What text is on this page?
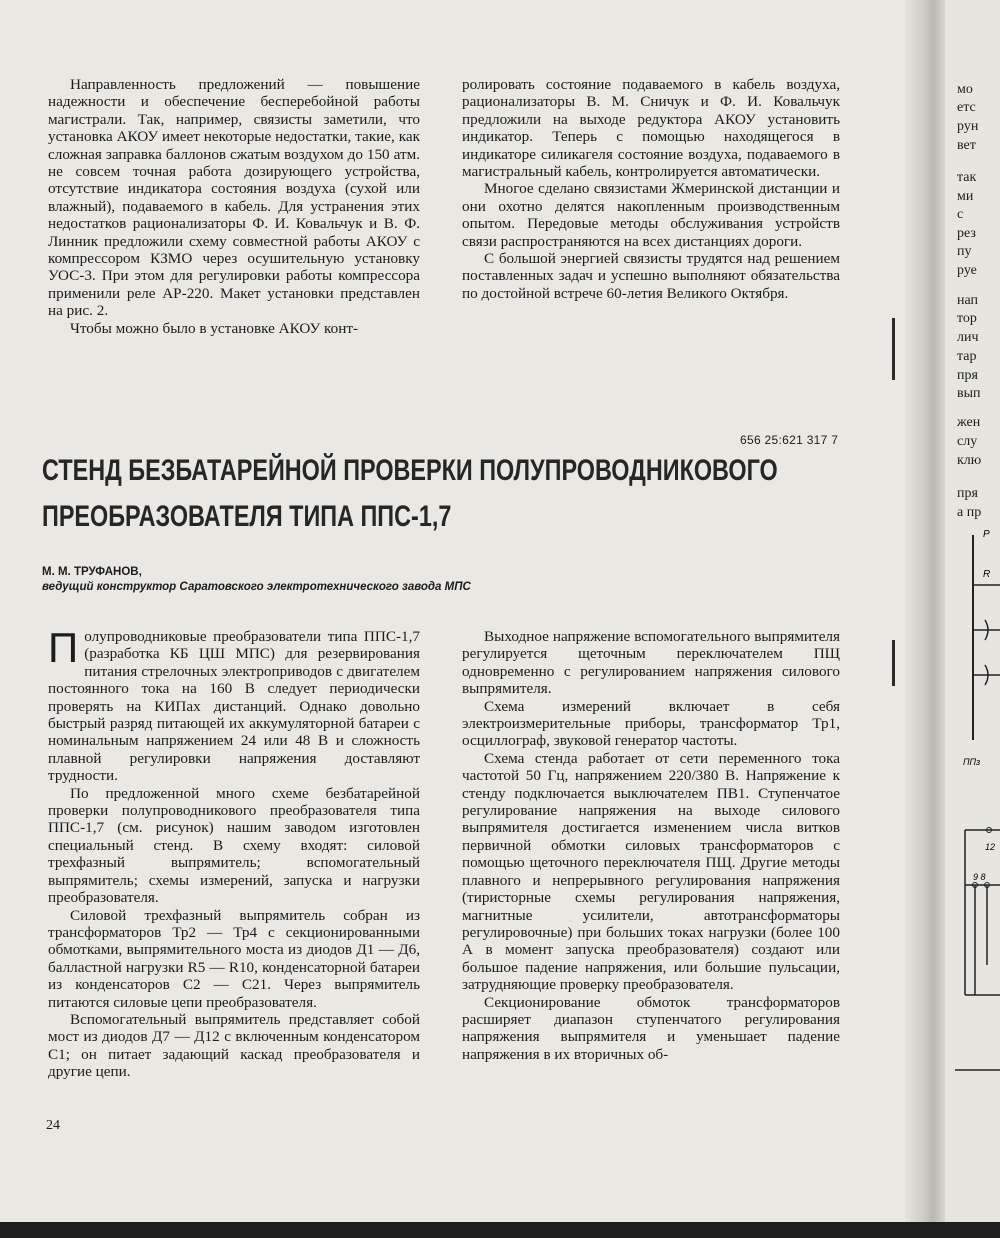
Направленность предложений — повышение надежности и обеспечение бесперебойной работы магистрали. Так, например, связисты заметили, что установка АКОУ имеет некоторые недостатки, такие, как сложная заправка баллонов сжатым воздухом до 150 атм. не совсем точная работа дозирующего устройства, отсутствие индикатора состояния воздуха (сухой или влажный), подаваемого в кабель. Для устранения этих недостатков рационализаторы Ф. И. Ковальчук и В. Ф. Линник предложили схему совместной работы АКОУ с компрессором КЗМО через осушительную установку УОС-3. При этом для регулировки работы компрессора применили реле АР-220. Макет установки представлен на рис. 2.

Чтобы можно было в установке АКОУ конт-

ролировать состояние подаваемого в кабель воздуха, рационализаторы В. М. Сничук и Ф. И. Ковальчук предложили на выходе редуктора АКОУ установить индикатор. Теперь с помощью находящегося в индикаторе силикагеля состояние воздуха, подаваемого в магистральный кабель, контролируется автоматически.

Многое сделано связистами Жмеринской дистанции и они охотно делятся накопленным производственным опытом. Передовые методы обслуживания устройств связи распространяются на всех дистанциях дороги.

С большой энергией связисты трудятся над решением поставленных задач и успешно выполняют обязательства по достойной встрече 60-летия Великого Октября.

656 25:621 317 7
СТЕНД БЕЗБАТАРЕЙНОЙ ПРОВЕРКИ ПОЛУПРОВОДНИКОВОГО
ПРЕОБРАЗОВАТЕЛЯ ТИПА ППС-1,7
М. М. ТРУФАНОВ,
ведущий конструктор Саратовского электротехнического завода МПС

Полупроводниковые преобразователи типа ППС-1,7 (разработка КБ ЦШ МПС) для резервирования питания стрелочных электроприводов с двигателем постоянного тока на 160 В следует периодически проверять на КИПах дистанций. Однако довольно быстрый разряд питающей их аккумуляторной батареи с номинальным напряжением 24 или 48 В и сложность плавной регулировки напряжения доставляют трудности.

По предложенной много схеме безбатарейной проверки полупроводникового преобразователя типа ППС-1,7 (см. рисунок) нашим заводом изготовлен специальный стенд. В схему входят: силовой трехфазный выпрямитель; вспомогательный выпрямитель; схемы измерений, запуска и нагрузки преобразователя.

Силовой трехфазный выпрямитель собран из трансформаторов Тр2 — Тр4 с секционированными обмотками, выпрямительного моста из диодов Д1 — Д6, балластной нагрузки R5 — R10, конденсаторной батареи из конденсаторов С2 — С21. Через выпрямитель питаются силовые цепи преобразователя.

Вспомогательный выпрямитель представляет собой мост из диодов Д7 — Д12 с включенным конденсатором С1; он питает задающий каскад преобразователя и другие цепи.

Выходное напряжение вспомогательного выпрямителя регулируется щеточным переключателем ПЩ одновременно с регулированием напряжения силового выпрямителя.

Схема измерений включает в себя электроизмерительные приборы, трансформатор Тр1, осциллограф, звуковой генератор частоты.

Схема стенда работает от сети переменного тока частотой 50 Гц, напряжением 220/380 В. Напряжение к стенду подключается выключателем ПВ1. Ступенчатое регулирование напряжения на выходе силового выпрямителя достигается изменением числа витков первичной обмотки силовых трансформаторов с помощью щеточного переключателя ПЩ. Другие методы плавного и непрерывного регулирования напряжения (тиристорные схемы регулирования напряжения, магнитные усилители, автотрансформаторы регулировочные) при больших токах нагрузки (более 100 А в момент запуска преобразователя) создают или большое падение напряжения, или большие пульсации, затрудняющие проверку преобразователя.

Секционирование обмоток трансформаторов расширяет диапазон ступенчатого регулирования напряжения выпрямителя и уменьшает падение напряжения в их вторичных об-

24
мо
етс
рун
вет
так
ми
с
рез
пу
руе
нап
тор
лич
тар
пря
вып
жен
слу
клю
пря
а пр
Р
R
ППз
12
9 8
